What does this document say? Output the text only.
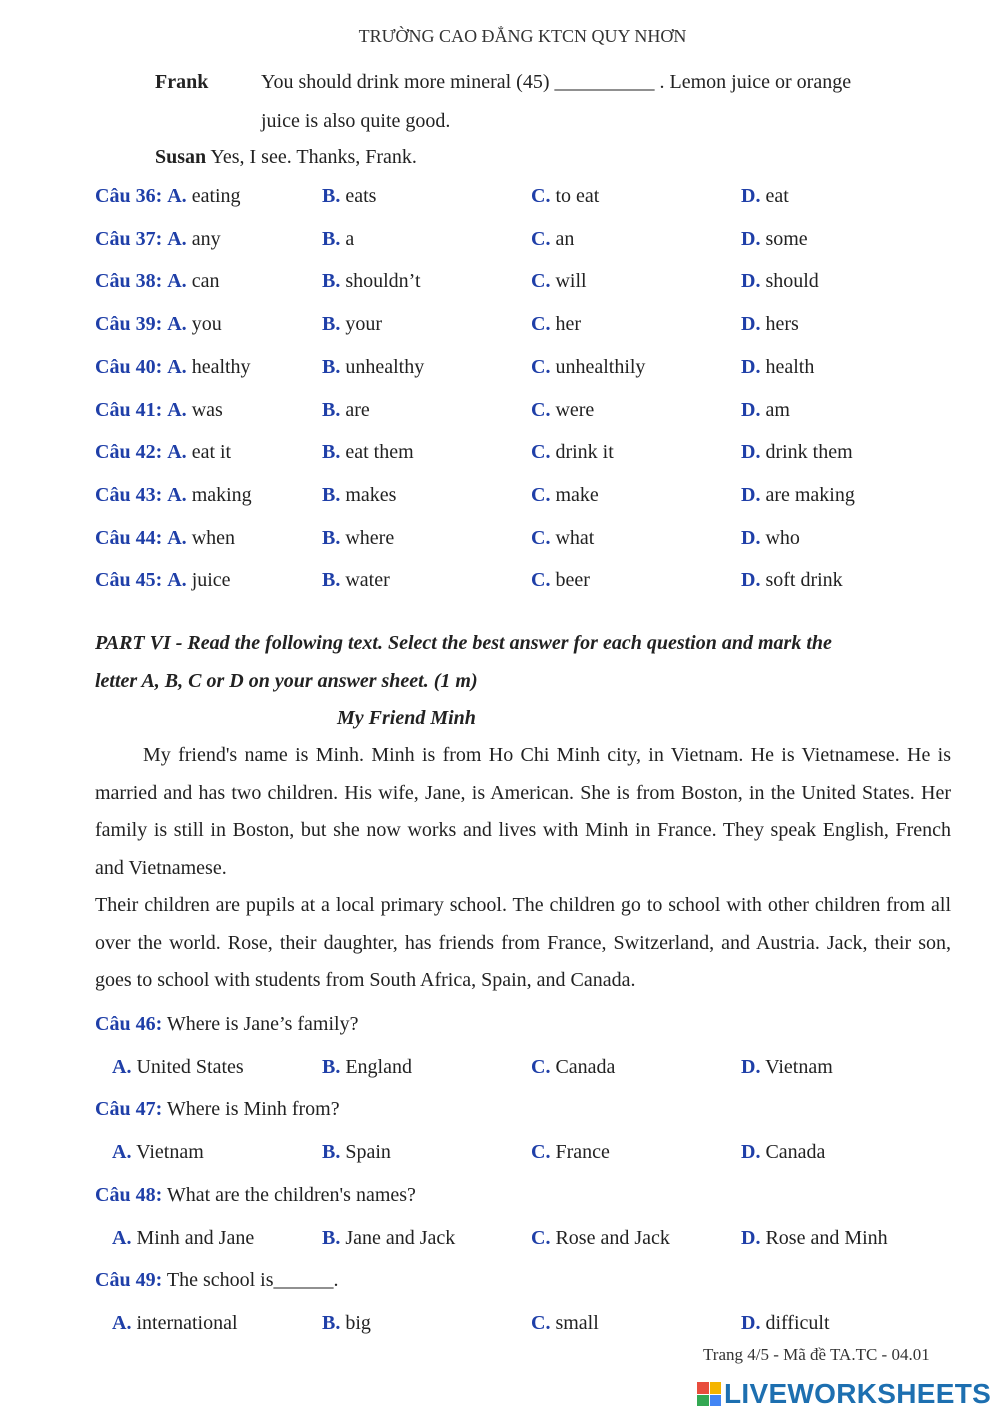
TRƯỜNG CAO ĐẲNG KTCN QUY NHƠN
Frank	You should drink more mineral (45) __________ . Lemon juice or orange
juice is also quite good.
Susan Yes, I see. Thanks, Frank.
Câu 36: A. eating	B. eats	C. to eat	D. eat
Câu 37: A. any	B. a	C. an	D. some
Câu 38: A. can	B. shouldn’t	C. will	D. should
Câu 39: A. you	B. your	C. her	D. hers
Câu 40: A. healthy	B. unhealthy	C. unhealthily	D. health
Câu 41: A. was	B. are	C. were	D. am
Câu 42: A. eat it	B. eat them	C. drink it	D. drink them
Câu 43: A. making	B. makes	C. make	D. are making
Câu 44: A. when	B. where	C. what	D. who
Câu 45: A. juice	B. water	C. beer	D. soft drink
PART VI - Read the following text. Select the best answer for each question and mark the
letter A, B, C or D on your answer sheet. (1 m)
My Friend Minh
My friend's name is Minh. Minh is from Ho Chi Minh city, in Vietnam. He is Vietnamese. He is married and has two children. His wife, Jane, is American. She is from Boston, in the United States. Her family is still in Boston, but she now works and lives with Minh in France. They speak English, French and Vietnamese.
Their children are pupils at a local primary school. The children go to school with other children from all over the world. Rose, their daughter, has friends from France, Switzerland, and Austria. Jack, their son, goes to school with students from South Africa, Spain, and Canada.
Câu 46: Where is Jane’s family?
A. United States	B. England	C. Canada	D. Vietnam
Câu 47: Where is Minh from?
A. Vietnam	B. Spain	C. France	D. Canada
Câu 48: What are the children's names?
A. Minh and Jane	B. Jane and Jack	C. Rose and Jack	D. Rose and Minh
Câu 49: The school is______.
A. international	B. big	C. small	D. difficult
Trang 4/5 - Mã đề TA.TC - 04.01
LIVEWORKSHEETS
